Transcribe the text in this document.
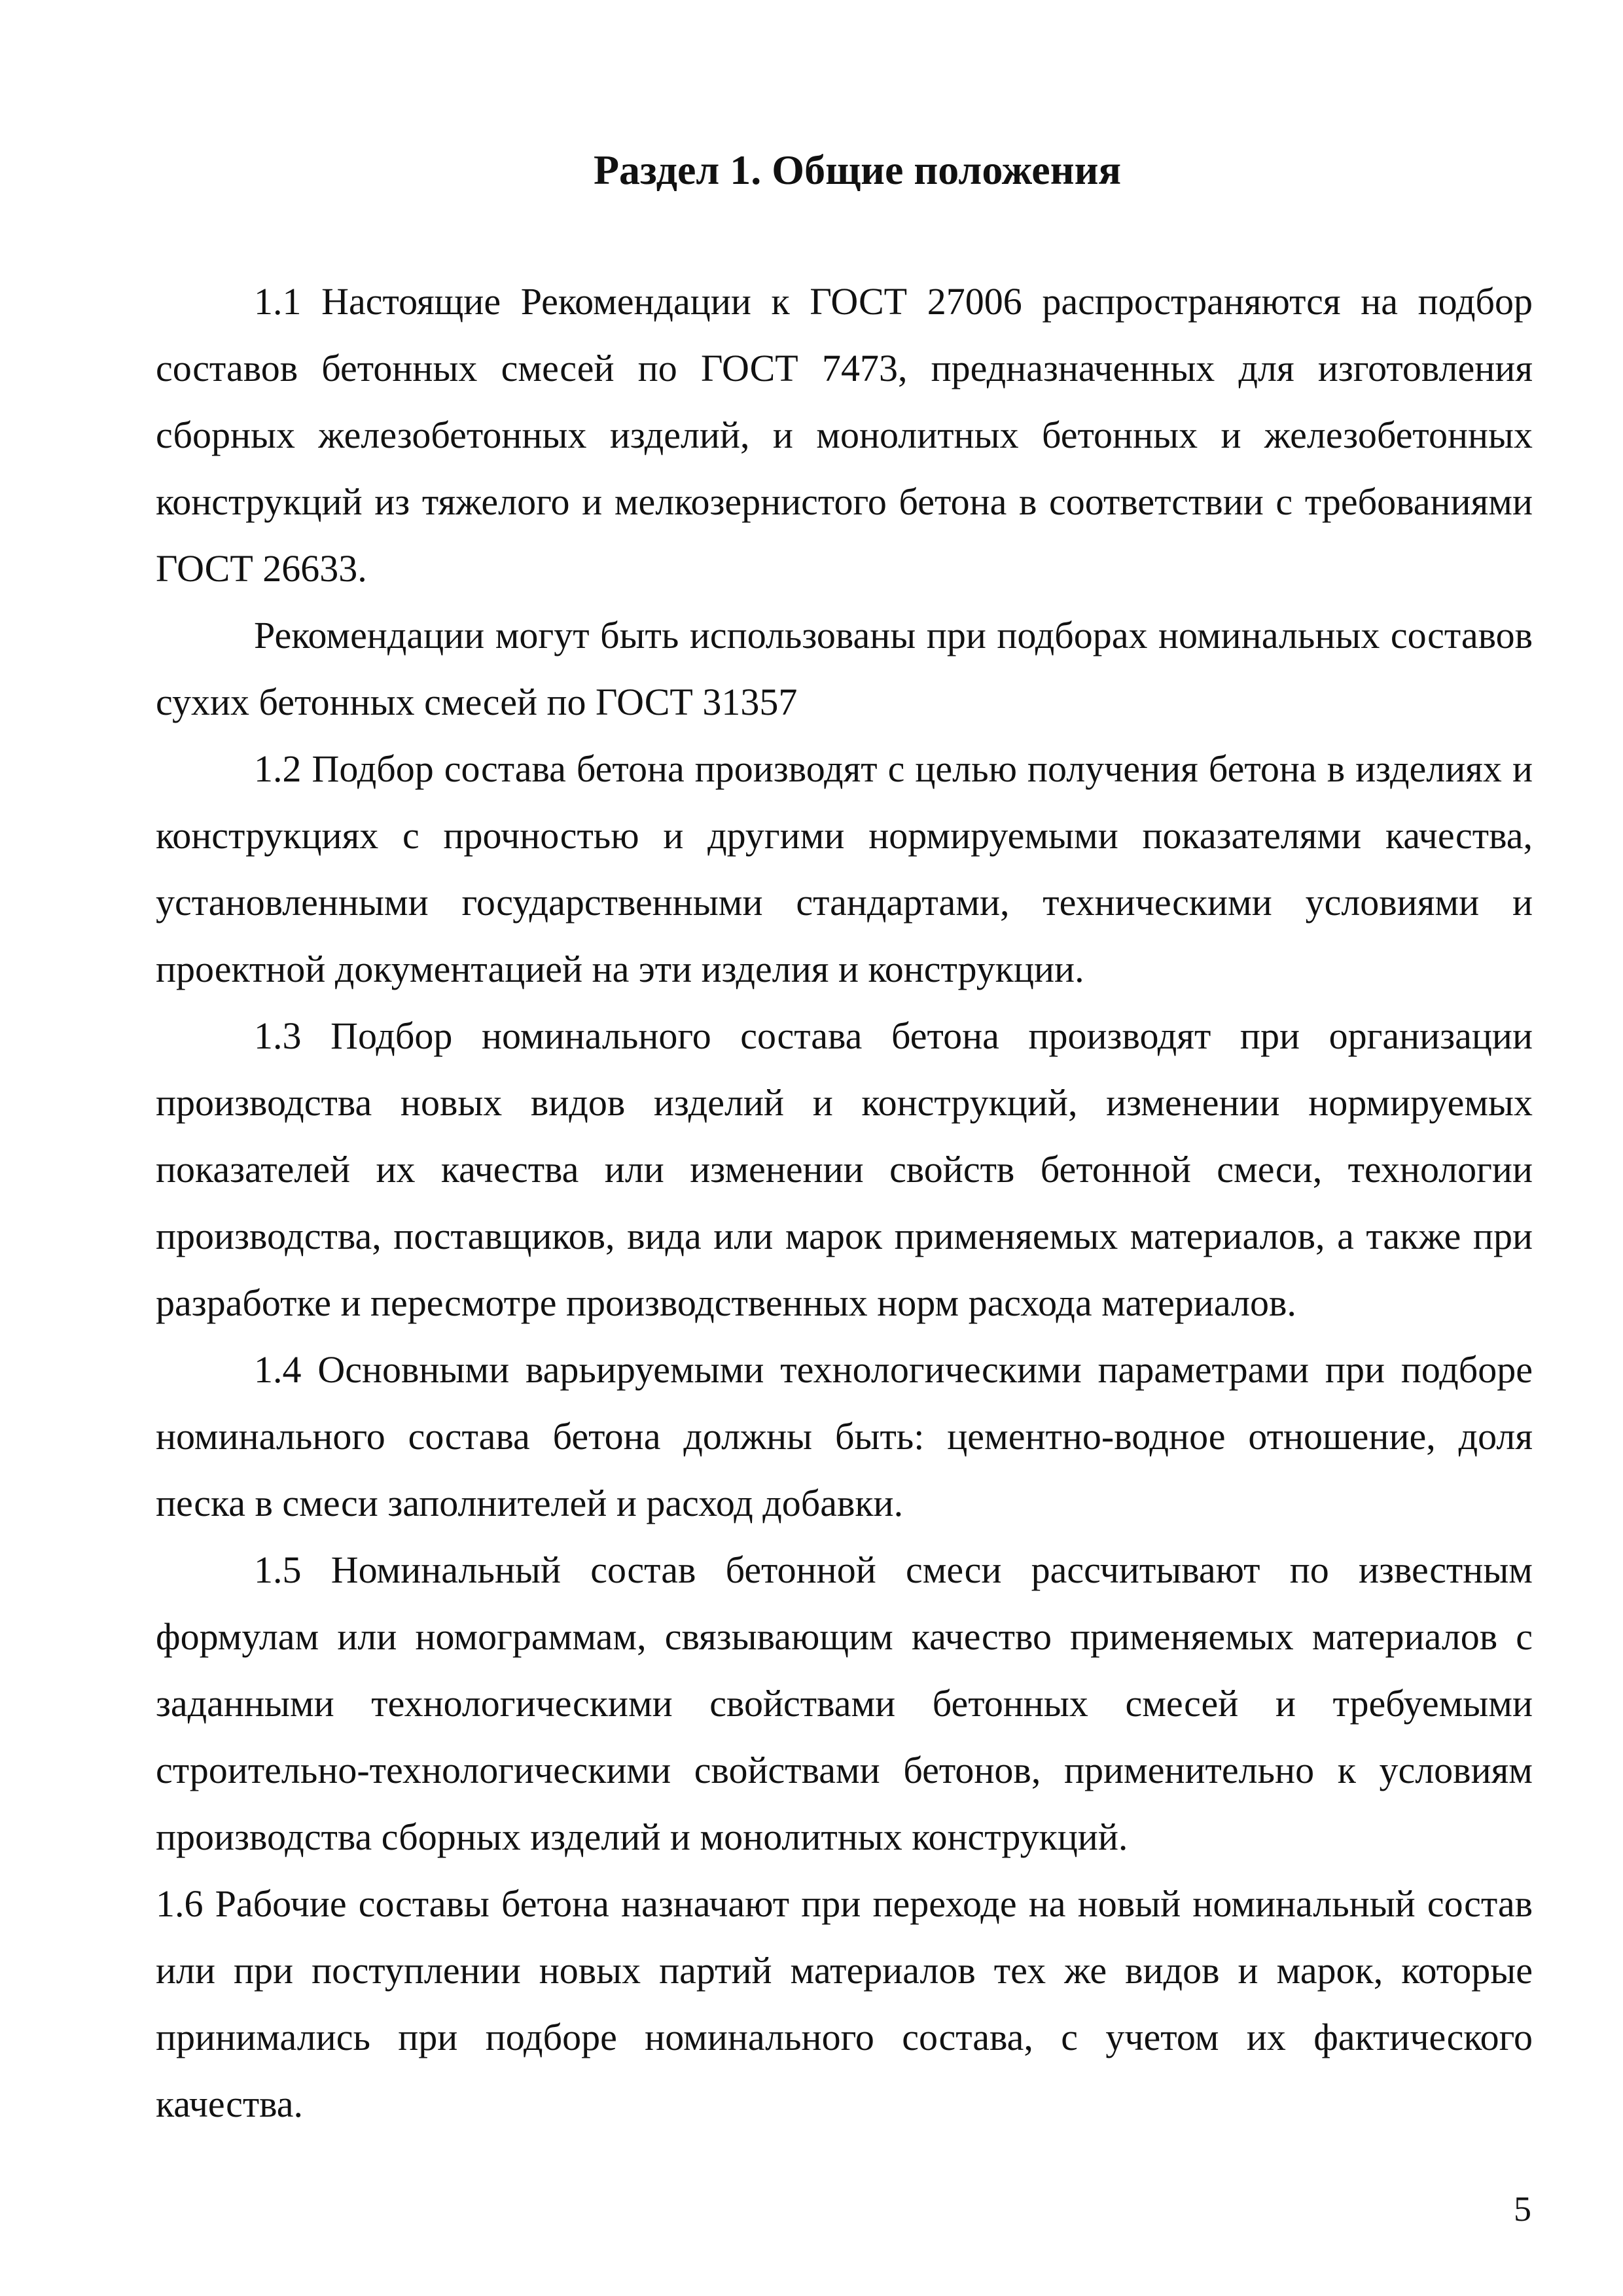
Раздел 1. Общие положения

1.1 Настоящие Рекомендации к ГОСТ 27006 распространяются на подбор составов бетонных смесей по ГОСТ 7473, предназначенных для изготовления сборных железобетонных изделий, и монолитных бетонных и железобетонных конструкций из тяжелого и мелкозернистого бетона в соответствии с требованиями ГОСТ 26633.

Рекомендации могут быть использованы при подборах номинальных составов сухих бетонных смесей по ГОСТ 31357

1.2 Подбор состава бетона производят с целью получения бетона в изделиях и конструкциях с прочностью и другими нормируемыми показателями качества, установленными государственными стандартами, техническими условиями и проектной документацией на эти изделия и конструкции.

1.3 Подбор номинального состава бетона производят при организации производства новых видов изделий и конструкций, изменении нормируемых показателей их качества или изменении свойств бетонной смеси, технологии производства, поставщиков, вида или марок применяемых материалов, а также при разработке и пересмотре производственных норм расхода материалов.

1.4 Основными варьируемыми технологическими параметрами при подборе номинального состава бетона должны быть: цементно-водное отношение, доля песка в смеси заполнителей и расход добавки.

1.5 Номинальный состав бетонной смеси рассчитывают по известным формулам или номограммам, связывающим качество применяемых материалов с заданными технологическими свойствами бетонных смесей и требуемыми строительно-технологическими свойствами бетонов, применительно к условиям производства сборных изделий и монолитных конструкций.

1.6 Рабочие составы бетона назначают при переходе на новый номинальный состав или при поступлении новых партий материалов тех же видов и марок, которые принимались при подборе номинального состава, с учетом их фактического качества.

5
